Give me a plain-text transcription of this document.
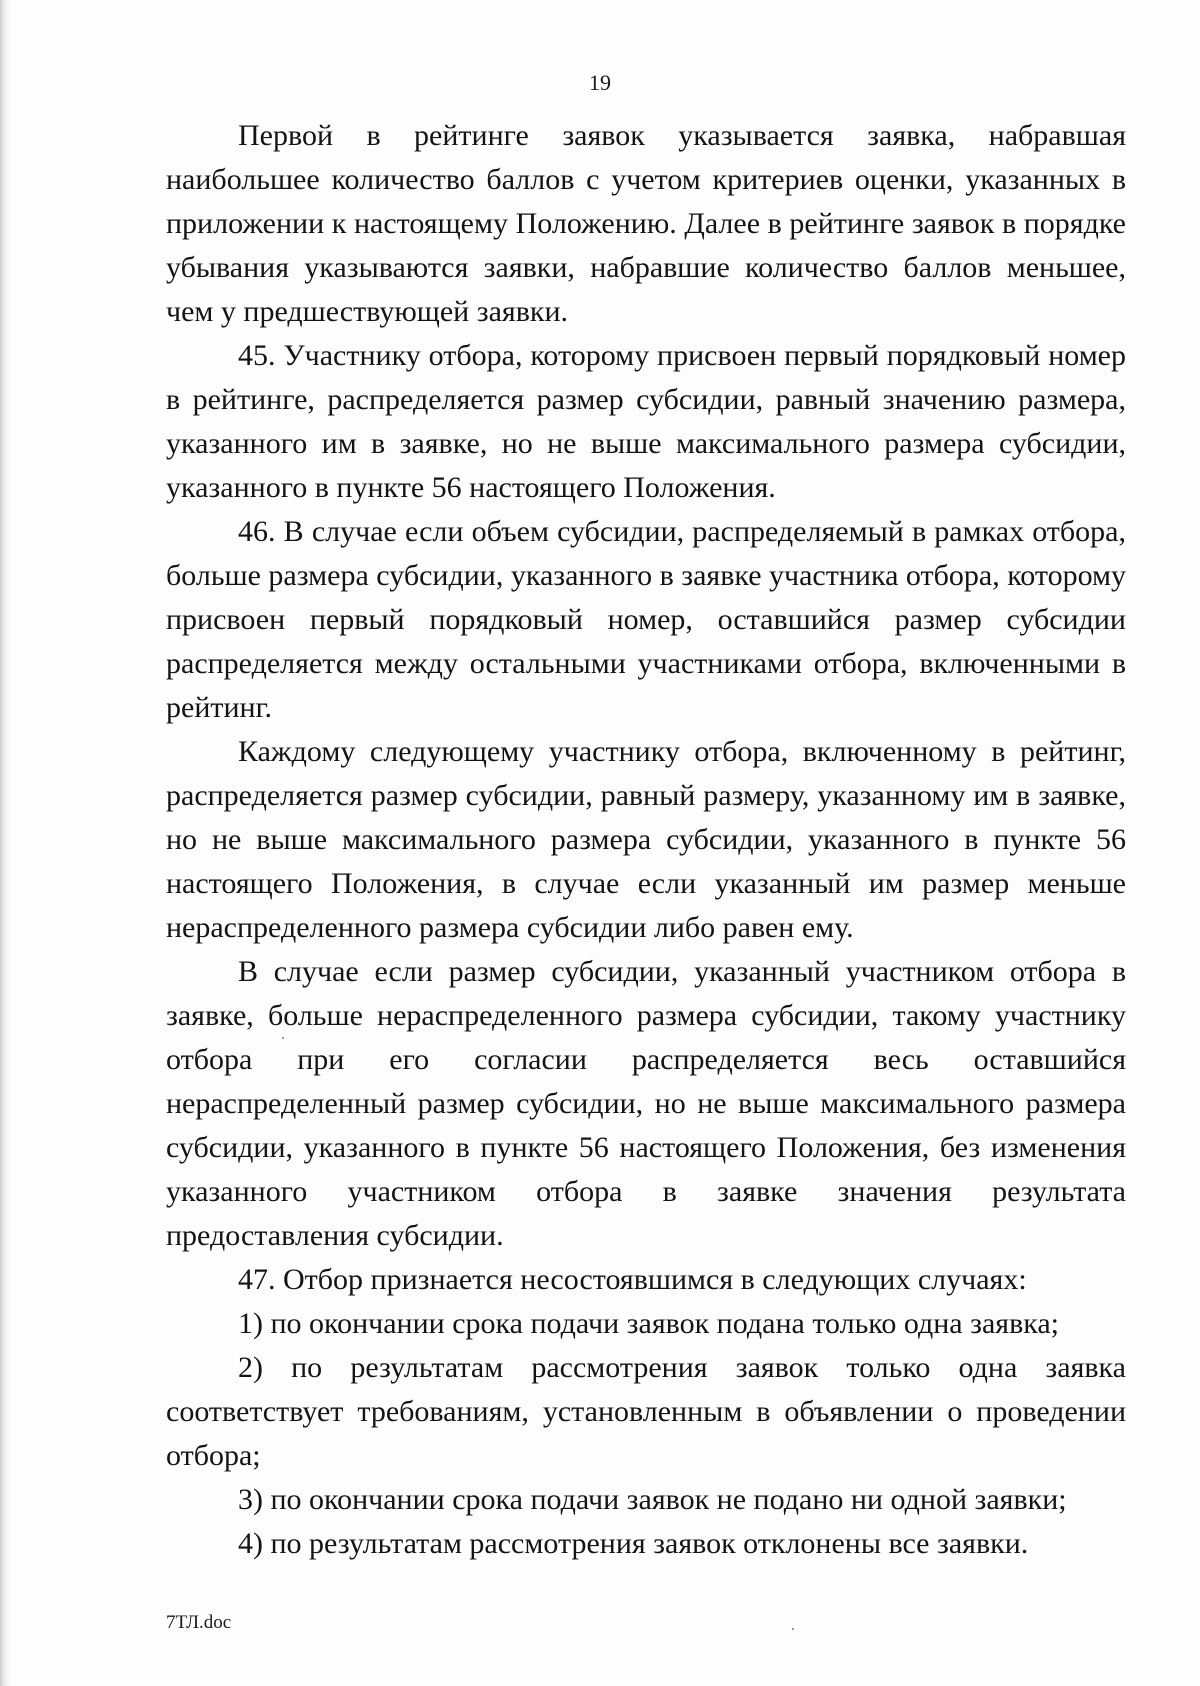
19

Первой в рейтинге заявок указывается заявка, набравшая наибольшее количество баллов с учетом критериев оценки, указанных в приложении к настоящему Положению. Далее в рейтинге заявок в порядке убывания указываются заявки, набравшие количество баллов меньшее, чем у предшествующей заявки.

45. Участнику отбора, которому присвоен первый порядковый номер в рейтинге, распределяется размер субсидии, равный значению размера, указанного им в заявке, но не выше максимального размера субсидии, указанного в пункте 56 настоящего Положения.

46. В случае если объем субсидии, распределяемый в рамках отбора, больше размера субсидии, указанного в заявке участника отбора, которому присвоен первый порядковый номер, оставшийся размер субсидии распределяется между остальными участниками отбора, включенными в рейтинг.

Каждому следующему участнику отбора, включенному в рейтинг, распределяется размер субсидии, равный размеру, указанному им в заявке, но не выше максимального размера субсидии, указанного в пункте 56 настоящего Положения, в случае если указанный им размер меньше нераспределенного размера субсидии либо равен ему.

В случае если размер субсидии, указанный участником отбора в заявке, больше нераспределенного размера субсидии, такому участнику отбора при его согласии распределяется весь оставшийся нераспределенный размер субсидии, но не выше максимального размера субсидии, указанного в пункте 56 настоящего Положения, без изменения указанного участником отбора в заявке значения результата предоставления субсидии.

47. Отбор признается несостоявшимся в следующих случаях:

1) по окончании срока подачи заявок подана только одна заявка;

2) по результатам рассмотрения заявок только одна заявка соответствует требованиям, установленным в объявлении о проведении отбора;

3) по окончании срока подачи заявок не подано ни одной заявки;

4) по результатам рассмотрения заявок отклонены все заявки.

7ТЛ.doc
